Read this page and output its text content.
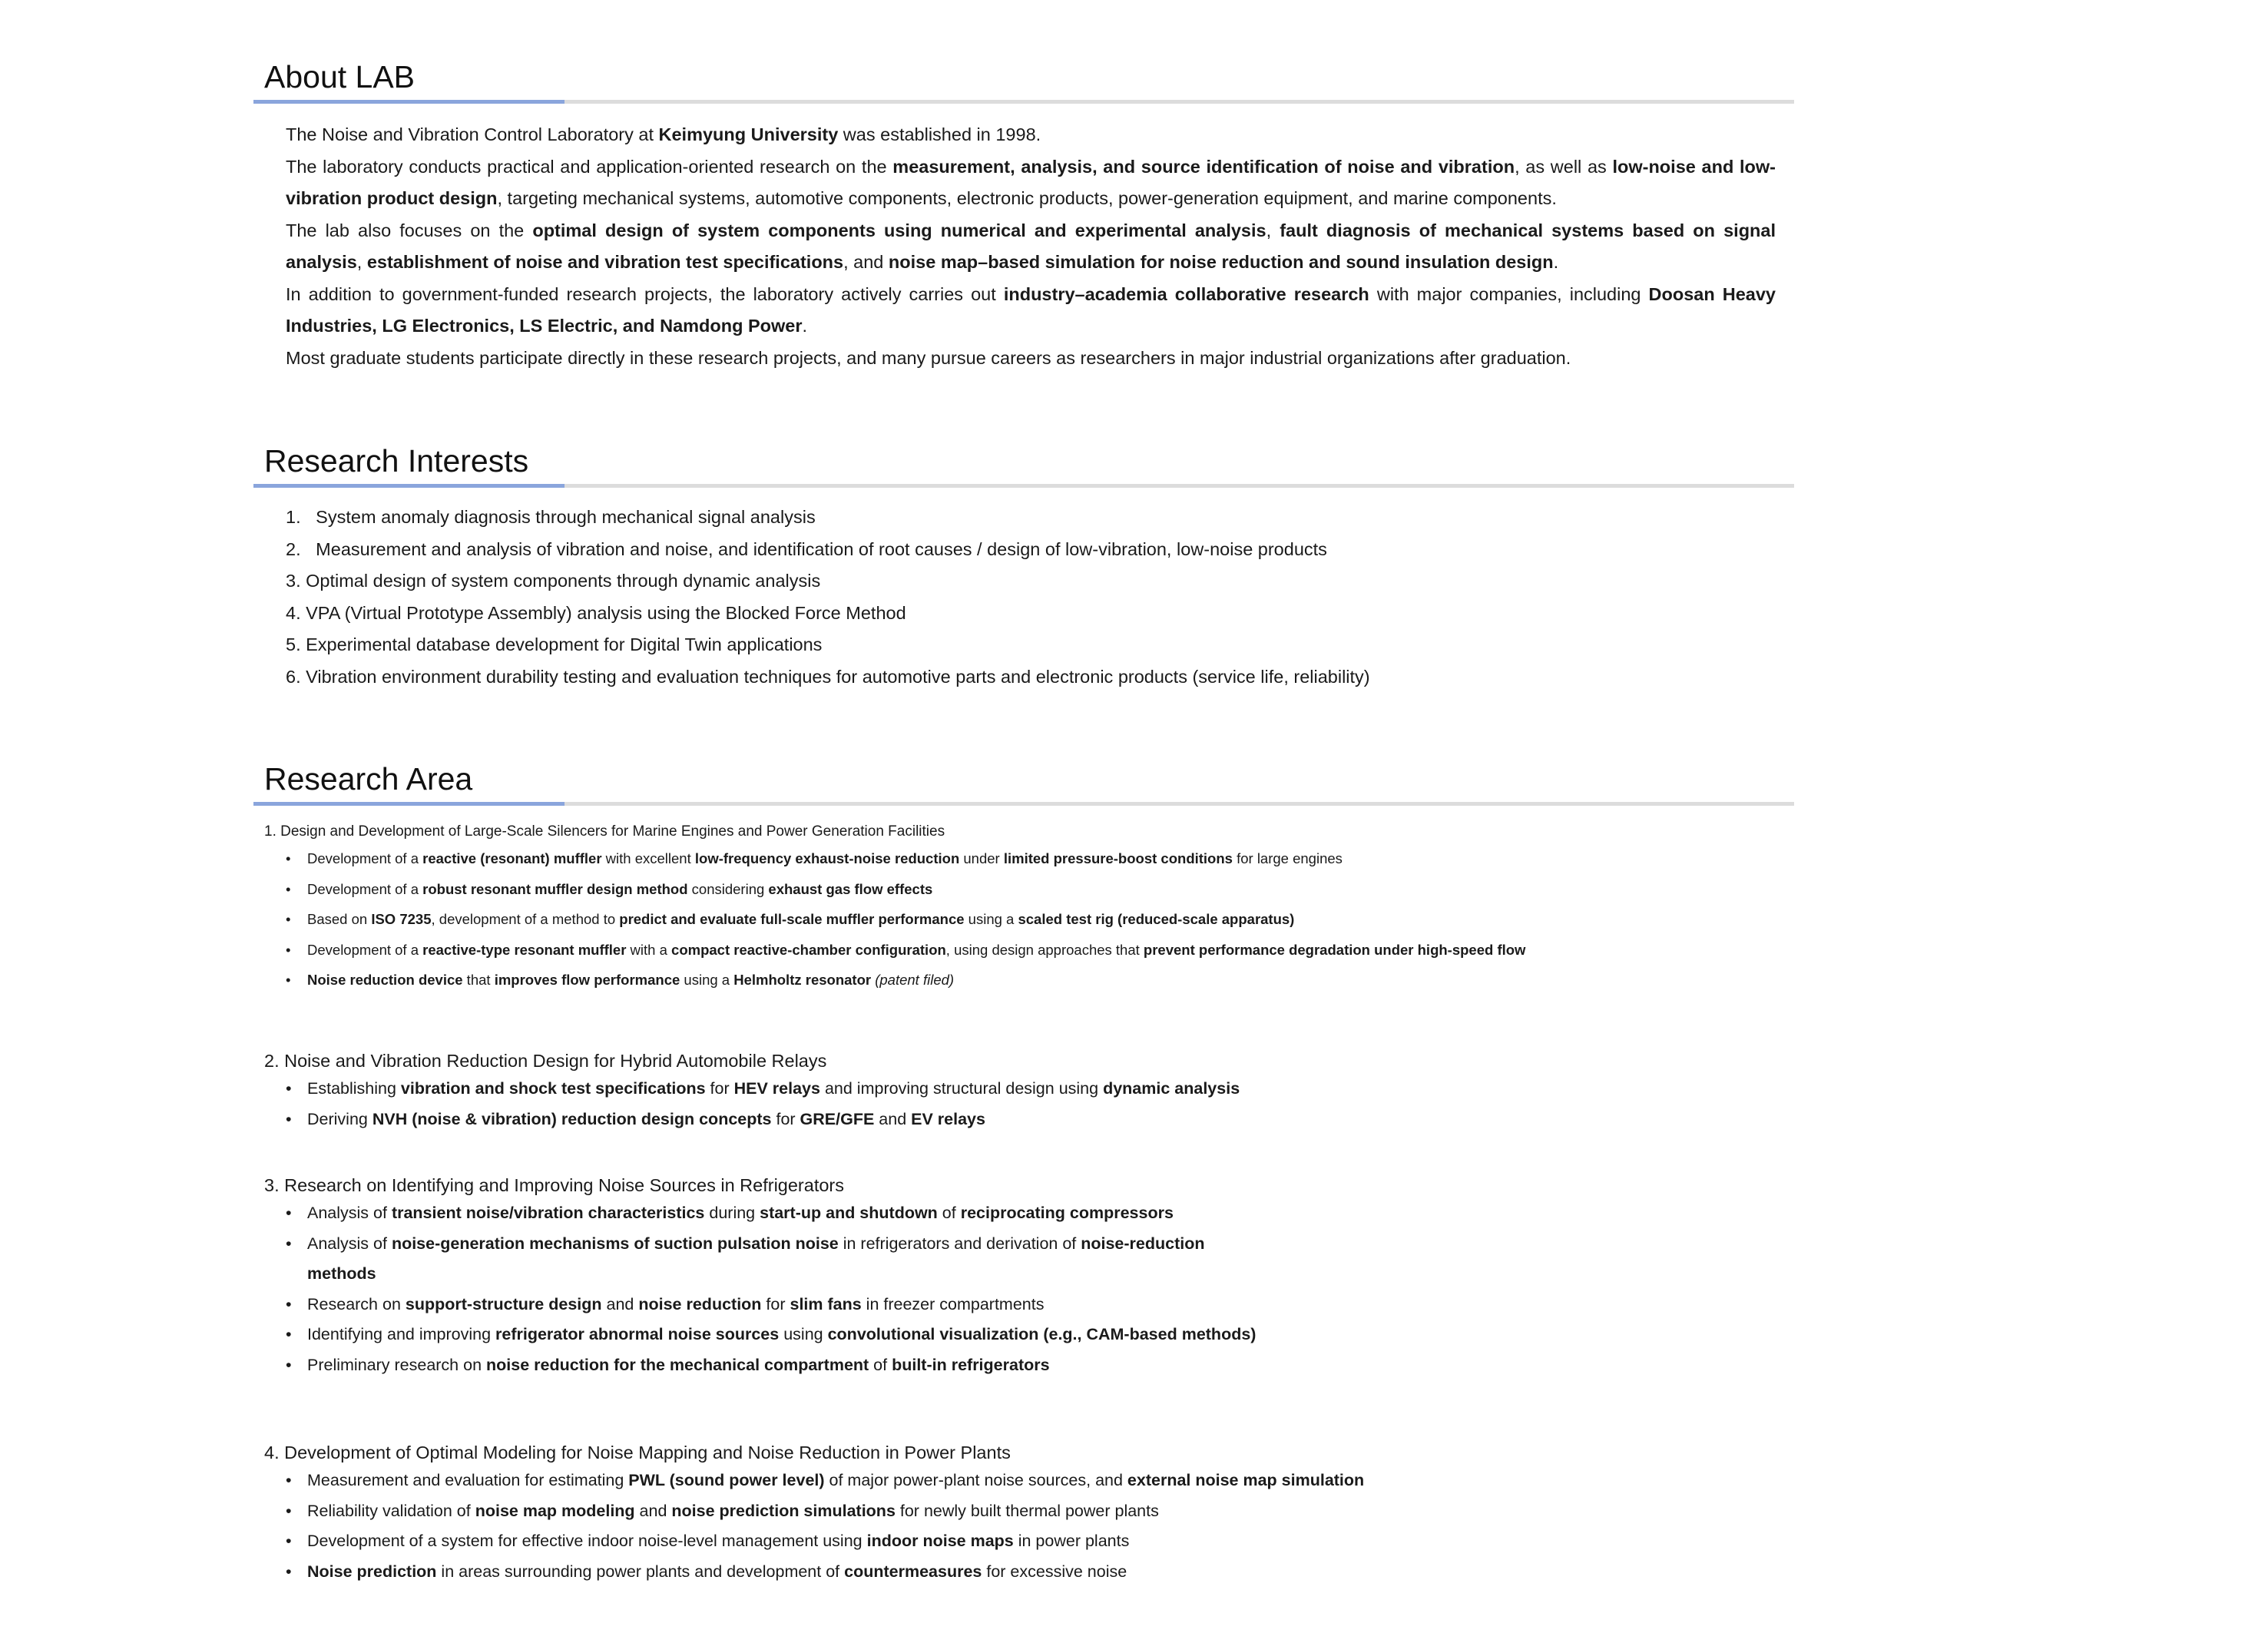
About LAB

The Noise and Vibration Control Laboratory at Keimyung University was established in 1998.

The laboratory conducts practical and application-oriented research on the measurement, analysis, and source identification of noise and vibration, as well as low-noise and low-vibration product design, targeting mechanical systems, automotive components, electronic products, power-generation equipment, and marine components.

The lab also focuses on the optimal design of system components using numerical and experimental analysis, fault diagnosis of mechanical systems based on signal analysis, establishment of noise and vibration test specifications, and noise map–based simulation for noise reduction and sound insulation design.

In addition to government-funded research projects, the laboratory actively carries out industry–academia collaborative research with major companies, including Doosan Heavy Industries, LG Electronics, LS Electric, and Namdong Power.

Most graduate students participate directly in these research projects, and many pursue careers as researchers in major industrial organizations after graduation.

Research Interests
1.   System anomaly diagnosis through mechanical signal analysis
2.   Measurement and analysis of vibration and noise, and identification of root causes / design of low-vibration, low-noise products
3. Optimal design of system components through dynamic analysis
4. VPA (Virtual Prototype Assembly) analysis using the Blocked Force Method
5. Experimental database development for Digital Twin applications
6. Vibration environment durability testing and evaluation techniques for automotive parts and electronic products (service life, reliability)
Research Area
1. Design and Development of Large-Scale Silencers for Marine Engines and Power Generation Facilities
• Development of a reactive (resonant) muffler with excellent low-frequency exhaust-noise reduction under limited pressure-boost conditions for large engines
• Development of a robust resonant muffler design method considering exhaust gas flow effects
• Based on ISO 7235, development of a method to predict and evaluate full-scale muffler performance using a scaled test rig (reduced-scale apparatus)
• Development of a reactive-type resonant muffler with a compact reactive-chamber configuration, using design approaches that prevent performance degradation under high-speed flow
• Noise reduction device that improves flow performance using a Helmholtz resonator (patent filed)
2. Noise and Vibration Reduction Design for Hybrid Automobile Relays
• Establishing vibration and shock test specifications for HEV relays and improving structural design using dynamic analysis
• Deriving NVH (noise & vibration) reduction design concepts for GRE/GFE and EV relays
3. Research on Identifying and Improving Noise Sources in Refrigerators
• Analysis of transient noise/vibration characteristics during start-up and shutdown of reciprocating compressors
• Analysis of noise-generation mechanisms of suction pulsation noise in refrigerators and derivation of noise-reduction methods
• Research on support-structure design and noise reduction for slim fans in freezer compartments
• Identifying and improving refrigerator abnormal noise sources using convolutional visualization (e.g., CAM-based methods)
• Preliminary research on noise reduction for the mechanical compartment of built-in refrigerators
4. Development of Optimal Modeling for Noise Mapping and Noise Reduction in Power Plants
• Measurement and evaluation for estimating PWL (sound power level) of major power-plant noise sources, and external noise map simulation
• Reliability validation of noise map modeling and noise prediction simulations for newly built thermal power plants
• Development of a system for effective indoor noise-level management using indoor noise maps in power plants
• Noise prediction in areas surrounding power plants and development of countermeasures for excessive noise
